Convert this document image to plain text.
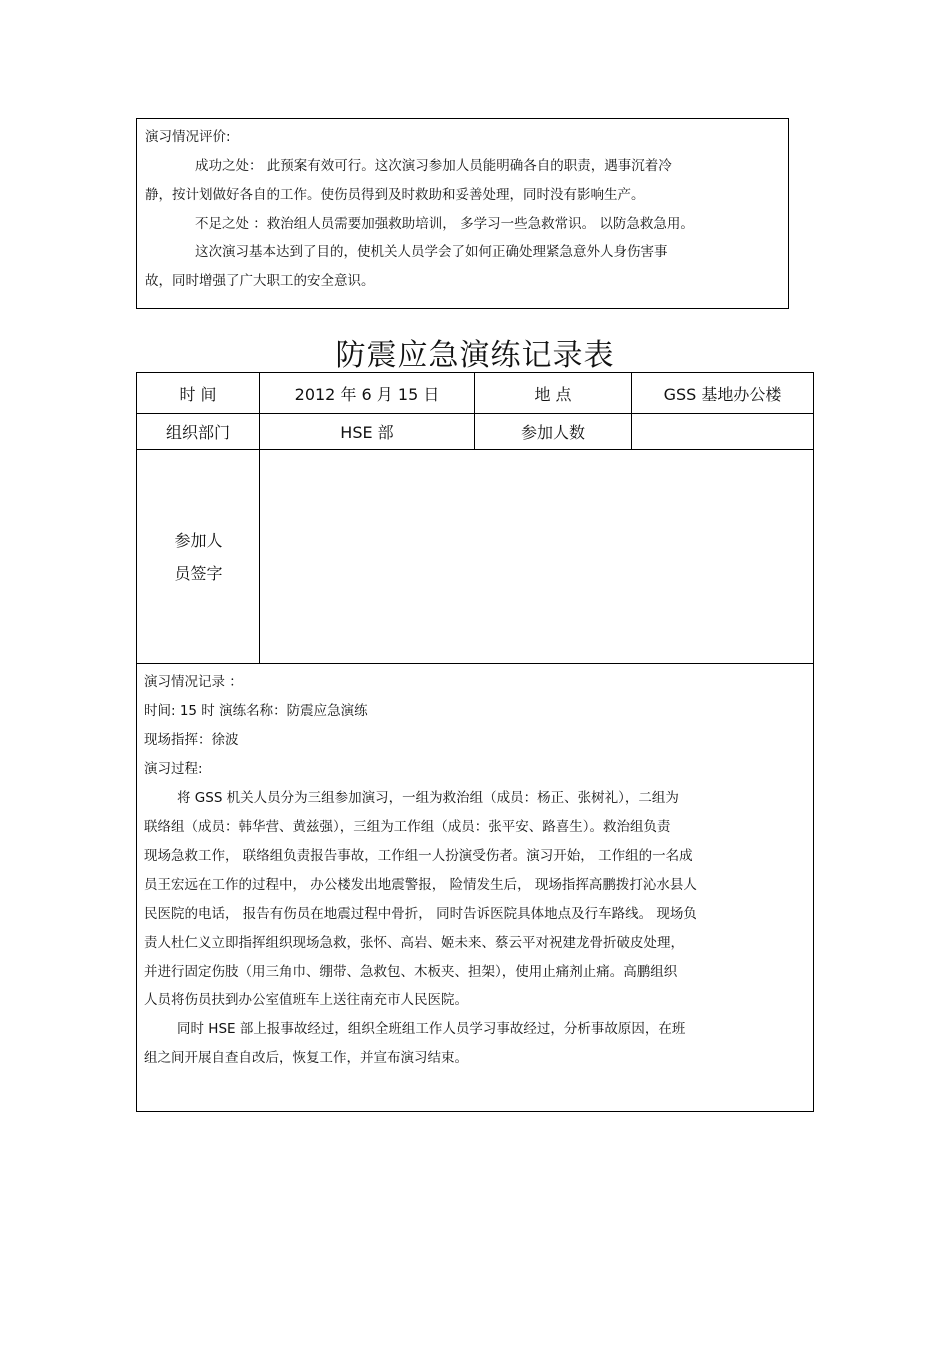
演习情况评价:
成功之处： 此预案有效可行。这次演习参加人员能明确各自的职责，遇事沉着冷
静，按计划做好各自的工作。使伤员得到及时救助和妥善处理，同时没有影响生产。
不足之处 ：救治组人员需要加强救助培训， 多学习一些急救常识。 以防急救急用。
这次演习基本达到了目的，使机关人员学会了如何正确处理紧急意外人身伤害事
故，同时增强了广大职工的安全意识。
防震应急演练记录表
时 间	2012 年 6 月 15 日	地 点	GSS 基地办公楼
组织部门	HSE 部	参加人数
参加人
员签字
演习情况记录 ：
时间: 15 时 演练名称：防震应急演练
现场指挥：徐波
演习过程:
将 GSS 机关人员分为三组参加演习，一组为救治组（成员：杨正、张树礼），二组为
联络组（成员：韩华营、黄兹强），三组为工作组（成员：张平安、路喜生）。救治组负责
现场急救工作， 联络组负责报告事故，工作组一人扮演受伤者。演习开始， 工作组的一名成
员王宏远在工作的过程中， 办公楼发出地震警报， 险情发生后， 现场指挥高鹏拨打沁水县人
民医院的电话， 报告有伤员在地震过程中骨折， 同时告诉医院具体地点及行车路线。 现场负
责人杜仁义立即指挥组织现场急救，张怀、高岩、姬未来、蔡云平对祝建龙骨折破皮处理，
并进行固定伤肢（用三角巾、绷带、急救包、木板夹、担架），使用止痛剂止痛。高鹏组织
人员将伤员扶到办公室值班车上送往南充市人民医院。
同时 HSE 部上报事故经过，组织全班组工作人员学习事故经过，分析事故原因，在班
组之间开展自查自改后，恢复工作，并宣布演习结束。
